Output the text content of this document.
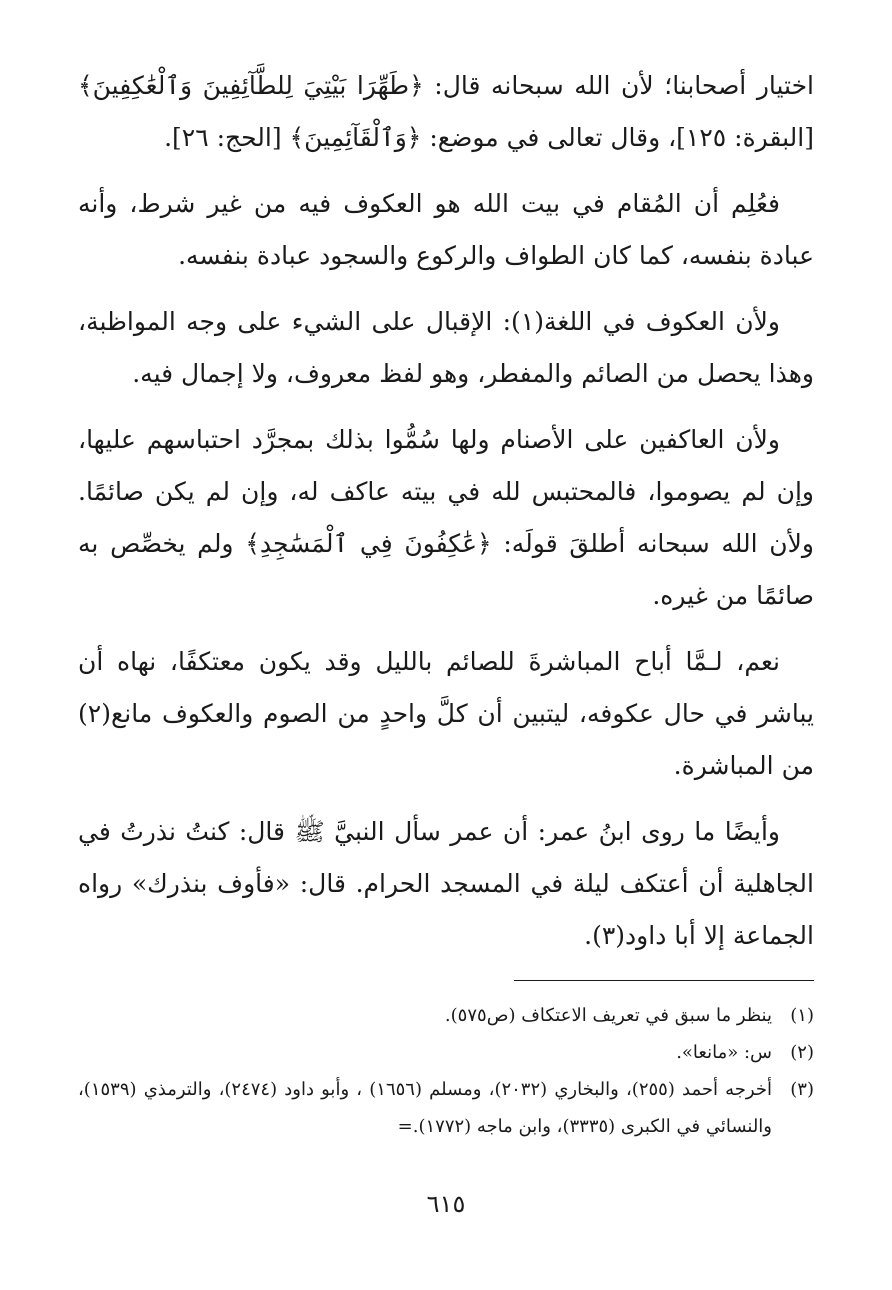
اختيار أصحابنا؛ لأن الله سبحانه قال: ﴿طَهِّرَا بَيْتِيَ لِلطَّآئِفِينَ وَٱلْعَٰكِفِينَ﴾ [البقرة: ١٢٥]، وقال تعالى في موضع: ﴿وَٱلْقَآئِمِينَ﴾ [الحج: ٢٦].

فعُلِم أن المُقام في بيت الله هو العكوف فيه من غير شرط، وأنه عبادة بنفسه، كما كان الطواف والركوع والسجود عبادة بنفسه.

ولأن العكوف في اللغة(١): الإقبال على الشيء على وجه المواظبة، وهذا يحصل من الصائم والمفطر، وهو لفظ معروف، ولا إجمال فيه.

ولأن العاكفين على الأصنام ولها سُمُّوا بذلك بمجرَّد احتباسهم عليها، وإن لم يصوموا، فالمحتبس لله في بيته عاكف له، وإن لم يكن صائمًا. ولأن الله سبحانه أطلقَ قولَه: ﴿عَٰكِفُونَ فِي ٱلْمَسَٰجِدِ﴾ ولم يخصِّص به صائمًا من غيره.

نعم، لـمَّا أباح المباشرةَ للصائم بالليل وقد يكون معتكفًا، نهاه أن يباشر في حال عكوفه، ليتبين أن كلَّ واحدٍ من الصوم والعكوف مانع(٢) من المباشرة.

وأيضًا ما روى ابنُ عمر: أن عمر سأل النبيَّ ﷺ قال: كنتُ نذرتُ في الجاهلية أن أعتكف ليلة في المسجد الحرام. قال: «فأوف بنذرك» رواه الجماعة إلا أبا داود(٣).

(١)
ينظر ما سبق في تعريف الاعتكاف (ص٥٧٥).
(٢)
س: «مانعا».
(٣)
أخرجه أحمد (٢٥٥)، والبخاري (٢٠٣٢)، ومسلم (١٦٥٦) ، وأبو داود (٢٤٧٤)، والترمذي (١٥٣٩)، والنسائي في الكبرى (٣٣٣٥)، وابن ماجه (١٧٧٢).=
٦١٥
